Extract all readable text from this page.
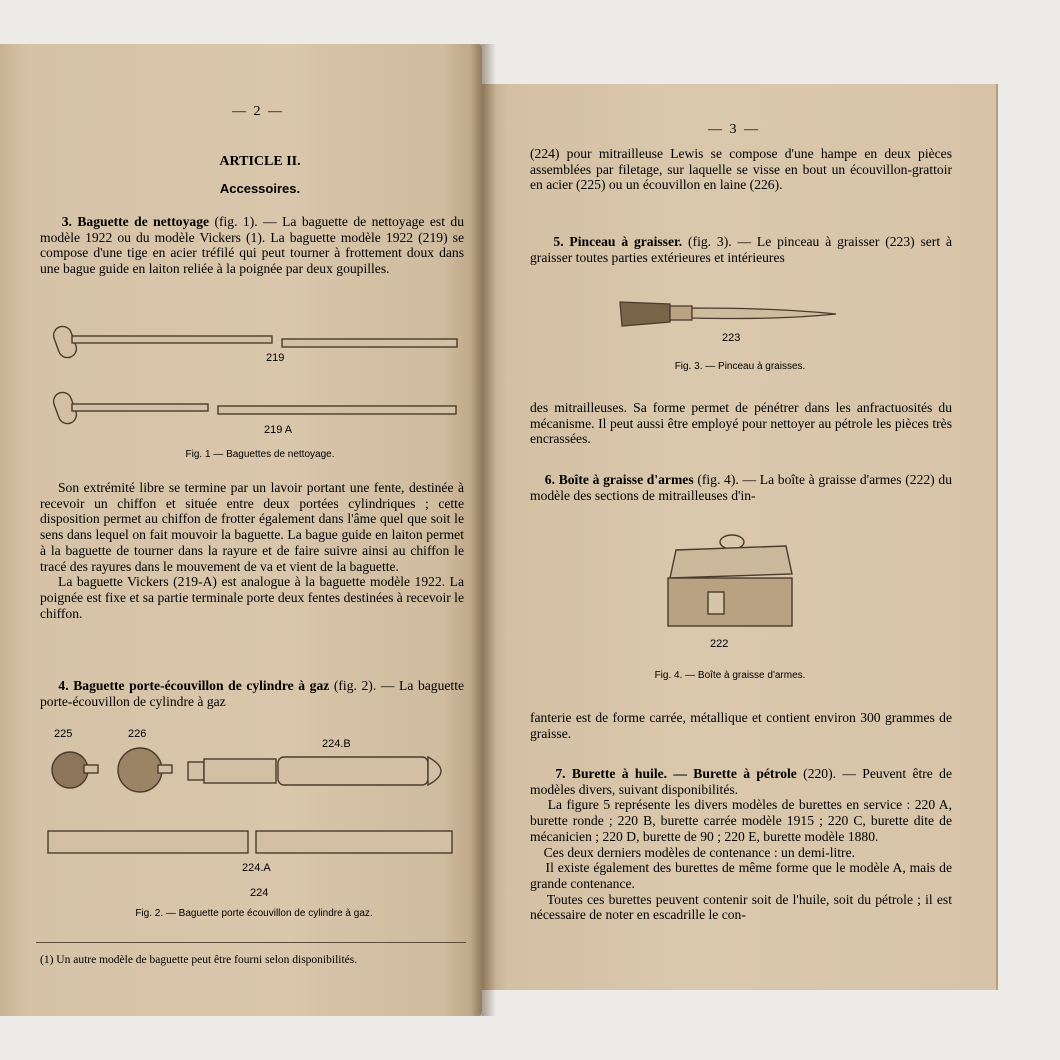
— 2 —
ARTICLE II.
Accessoires.

3. Baguette de nettoyage (fig. 1). — La baguette de nettoyage est du modèle 1922 ou du modèle Vickers (1). La baguette modèle 1922 (219) se compose d'une tige en acier tréfilé qui peut tourner à frottement doux dans une bague guide en laiton reliée à la poignée par deux goupilles.

219
219 A
Fig. 1 — Baguettes de nettoyage.

Son extrémité libre se termine par un lavoir portant une fente, destinée à recevoir un chiffon et située entre deux portées cylindriques ; cette disposition permet au chiffon de frotter également dans l'âme quel que soit le sens dans lequel on fait mouvoir la baguette. La bague guide en laiton permet à la baguette de tourner dans la rayure et de faire suivre ainsi au chiffon le tracé des rayures dans le mouvement de va et vient de la baguette.

La baguette Vickers (219-A) est analogue à la baguette modèle 1922. La poignée est fixe et sa partie terminale porte deux fentes destinées à recevoir le chiffon.

4. Baguette porte-écouvillon de cylindre à gaz (fig. 2). — La baguette porte-écouvillon de cylindre à gaz

225	226
224.B
224.A
224
Fig. 2. — Baguette porte écouvillon de cylindre à gaz.
(1) Un autre modèle de baguette peut être fourni selon disponibilités.
— 3 —
(224) pour mitrailleuse Lewis se compose d'une hampe en deux pièces assemblées par filetage, sur laquelle se visse en bout un écouvillon-grattoir en acier (225) ou un écouvillon en laine (226).

5. Pinceau à graisser. (fig. 3). — Le pinceau à graisser (223) sert à graisser toutes parties extérieures et intérieures

223
Fig. 3. — Pinceau à graisses.
des mitrailleuses. Sa forme permet de pénétrer dans les anfractuosités du mécanisme. Il peut aussi être employé pour nettoyer au pétrole les pièces très encrassées.

6. Boîte à graisse d'armes (fig. 4). — La boîte à graisse d'armes (222) du modèle des sections de mitrailleuses d'in-

222
Fig. 4. — Boîte à graisse d'armes.
fanterie est de forme carrée, métallique et contient environ 300 grammes de graisse.

7. Burette à huile. — Burette à pétrole (220). — Peuvent être de modèles divers, suivant disponibilités.

La figure 5 représente les divers modèles de burettes en service : 220 A, burette ronde ; 220 B, burette carrée modèle 1915 ; 220 C, burette dite de mécanicien ; 220 D, burette de 90 ; 220 E, burette modèle 1880.

Ces deux derniers modèles de contenance : un demi-litre.

Il existe également des burettes de même forme que le modèle A, mais de grande contenance.

Toutes ces burettes peuvent contenir soit de l'huile, soit du pétrole ; il est nécessaire de noter en escadrille le con-
